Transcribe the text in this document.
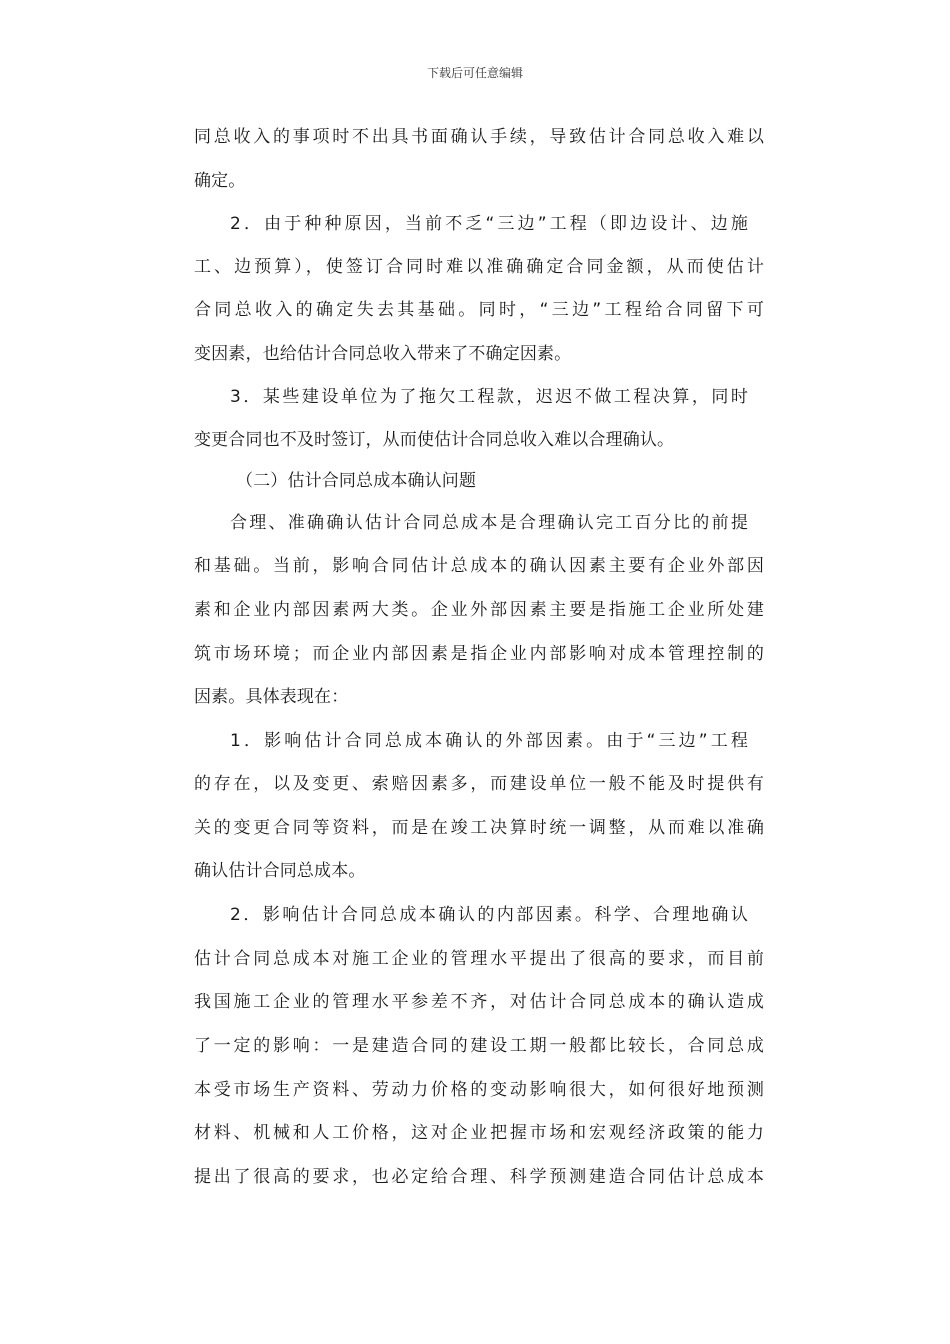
下载后可任意编辑
同总收入的事项时不出具书面确认手续，导致估计合同总收入难以
确定。
2．由于种种原因，当前不乏“三边”工程（即边设计、边施
工、边预算），使签订合同时难以准确确定合同金额，从而使估计
合同总收入的确定失去其基础。同时，“三边”工程给合同留下可
变因素，也给估计合同总收入带来了不确定因素。
3．某些建设单位为了拖欠工程款，迟迟不做工程决算，同时
变更合同也不及时签订，从而使估计合同总收入难以合理确认。
（二）估计合同总成本确认问题
合理、准确确认估计合同总成本是合理确认完工百分比的前提
和基础。当前，影响合同估计总成本的确认因素主要有企业外部因
素和企业内部因素两大类。企业外部因素主要是指施工企业所处建
筑市场环境；而企业内部因素是指企业内部影响对成本管理控制的
因素。具体表现在：
1．影响估计合同总成本确认的外部因素。由于“三边”工程
的存在，以及变更、索赔因素多，而建设单位一般不能及时提供有
关的变更合同等资料，而是在竣工决算时统一调整，从而难以准确
确认估计合同总成本。
2．影响估计合同总成本确认的内部因素。科学、合理地确认
估计合同总成本对施工企业的管理水平提出了很高的要求，而目前
我国施工企业的管理水平参差不齐，对估计合同总成本的确认造成
了一定的影响：一是建造合同的建设工期一般都比较长，合同总成
本受市场生产资料、劳动力价格的变动影响很大，如何很好地预测
材料、机械和人工价格，这对企业把握市场和宏观经济政策的能力
提出了很高的要求，也必定给合理、科学预测建造合同估计总成本
